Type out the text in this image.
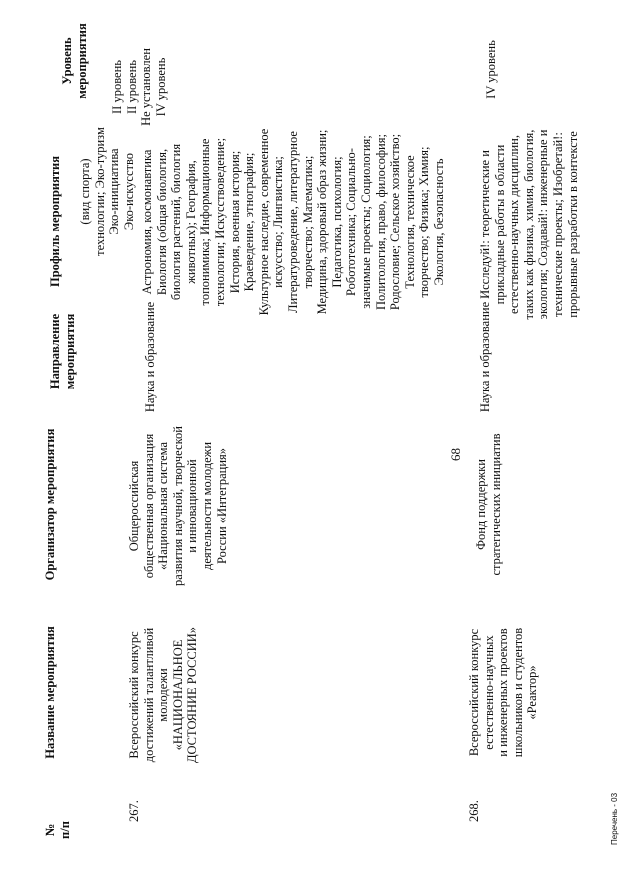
68
№ п/п
Название мероприятия
Организатор мероприятия
Направление мероприятия
Профиль мероприятия
Уровень мероприятия
(вид спорта) технологии; Эко-туризм Эко-инициатива Эко-искусство
II уровень II уровень Не установлен IV уровень
267.
Всероссийский конкурс достижений талантливой молодежи «НАЦИОНАЛЬНОЕ ДОСТОЯНИЕ РОССИИ»
Общероссийская общественная организация «Национальная система развития научной, творческой и инновационной деятельности молодежи России «Интеграция»
Наука и образование
Астрономия, космонавтика Биология (общая биология, биология растений, биология животных); География, топонимика; Информационные технологии; Искусствоведение; История, военная история; Краеведение, этнография; Культурное наследие, современное искусство; Лингвистика; Литературоведение, литературное творчество; Математика; Медицина, здоровый образ жизни; Педагогика, психология; Робототехника; Социально- значимые проекты; Социология; Политология, право, философия; Родословие; Сельское хозяйство; Технология, техническое творчество; Физика; Химия; Экология, безопасность
268.
Всероссийский конкурс естественно-научных и инженерных проектов школьников и студентов «Реактор»
Фонд поддержки стратегических инициатив
Наука и образование
Исследуй!: теоретические и прикладные работы в области естественно-научных дисциплин, таких как физика, химия, биология, экология; Создавай!: инженерные и технические проекты; Изобретай!: прорывные разработки в контексте
IV уровень
Перечень - 03
